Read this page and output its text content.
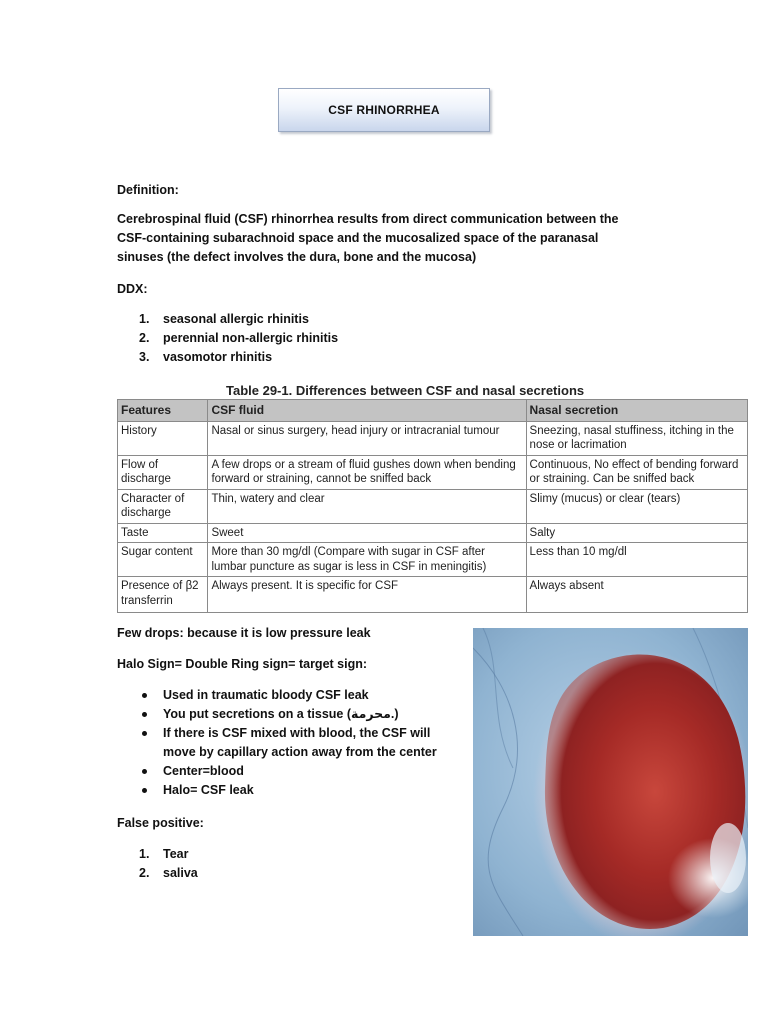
CSF RHINORRHEA
Definition:
Cerebrospinal fluid (CSF) rhinorrhea results from direct communication between the CSF-containing subarachnoid space and the mucosalized space of the paranasal sinuses (the defect involves the dura, bone and the mucosa)
DDX:
1. seasonal allergic rhinitis
2. perennial non-allergic rhinitis
3. vasomotor rhinitis
Table 29-1. Differences between CSF and nasal secretions
Features	CSF fluid	Nasal secretion
History	Nasal or sinus surgery, head injury or intracranial tumour	Sneezing, nasal stuffiness, itching in the nose or lacrimation
Flow of discharge	A few drops or a stream of fluid gushes down when bending forward or straining, cannot be sniffed back	Continuous, No effect of bending forward or straining. Can be sniffed back
Character of discharge	Thin, watery and clear	Slimy (mucus) or clear (tears)
Taste	Sweet	Salty
Sugar content	More than 30 mg/dl (Compare with sugar in CSF after lumbar puncture as sugar is less in CSF in meningitis)	Less than 10 mg/dl
Presence of β2 transferrin	Always present. It is specific for CSF	Always absent
Few drops: because it is low pressure leak
Halo Sign= Double Ring sign= target sign:
Used in traumatic bloody CSF leak
You put secretions on a tissue (محرمة.)
If there is CSF mixed with blood, the CSF will move by capillary action away from the center
Center=blood
Halo= CSF leak
False positive:
1. Tear
2. saliva
